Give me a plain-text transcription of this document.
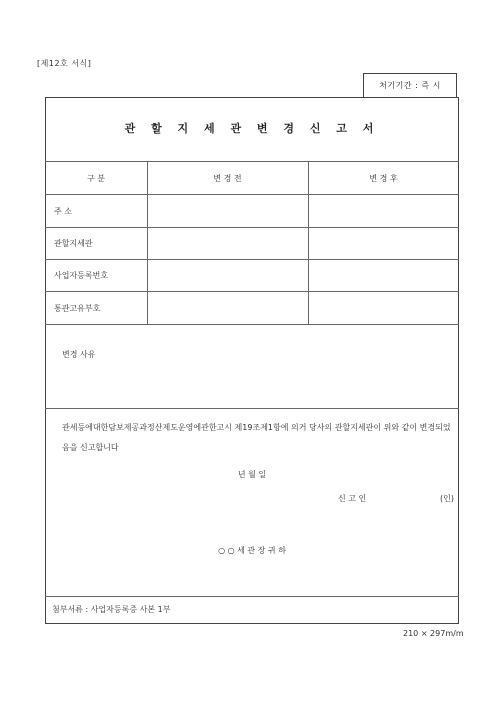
[제12호 서식]
처기기간 : 즉 시
관 할 지 세 관 변 경 신 고 서
구 분	변 경 전	변 경 후
주 소
관할지세관
사업자등록번호
통관고유부호
변경 사유
관세등에대한담보제공과정산제도운영에관한고시 제19조제1항에 의거 당사의 관할지세관이 위와 같이 변경되었음을 신고합니다
년 월 일
신 고 인	(인)
○ ○ 세 관 장 귀 하
첨부서류 : 사업자등록증 사본 1부
210 × 297m/m
